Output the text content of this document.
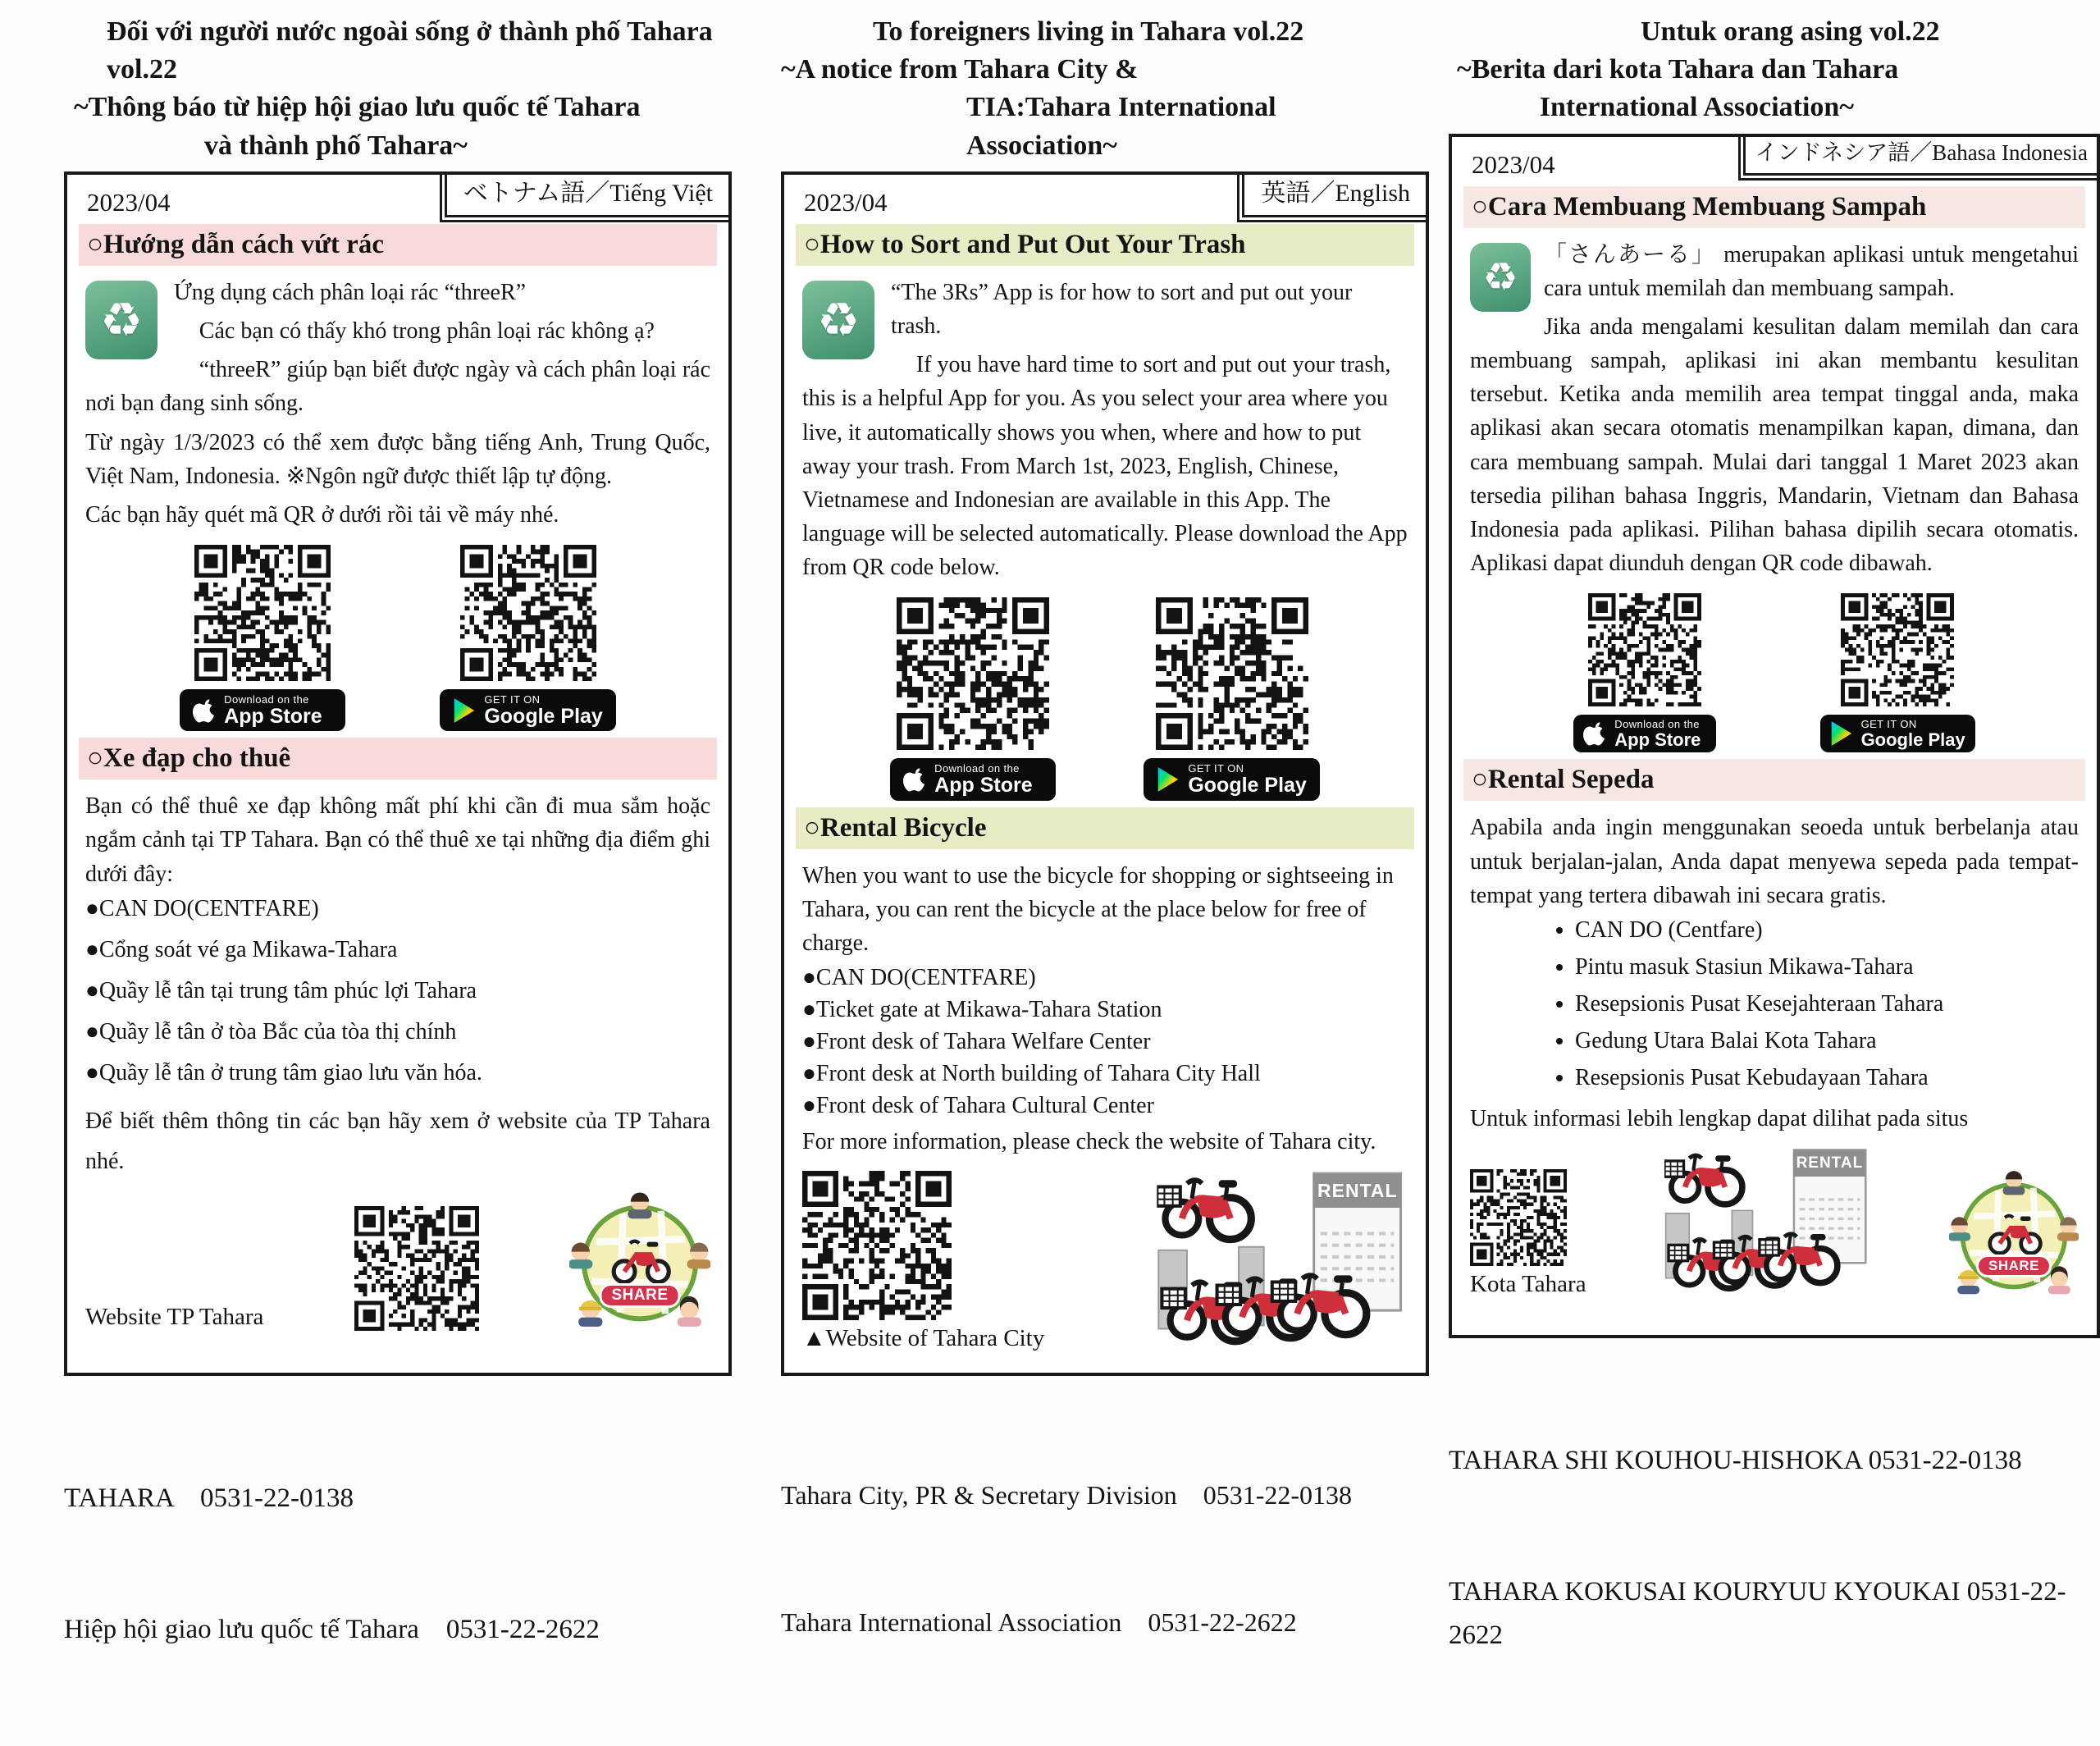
Đối với người nước ngoài sống ở thành phố Tahara vol.22
~Thông báo từ hiệp hội giao lưu quốc tế Tahara
và thành phố Tahara~
ベトナム語／Tiếng Việt
2023/04
○Hướng dẫn cách vứt rác
♻	Ứng dụng cách phân loại rác “threeR”

Các bạn có thấy khó trong phân loại rác không ạ?

“threeR” giúp bạn biết được ngày và cách phân loại rác nơi bạn đang sinh sống.

Từ ngày 1/3/2023 có thể xem được bằng tiếng Anh, Trung Quốc, Việt Nam, Indonesia. ※Ngôn ngữ được thiết lập tự động.

Các bạn hãy quét mã QR ở dưới rồi tải về máy nhé.

Download on the
App Store
GET IT ON
Google Play
○Xe đạp cho thuê

Bạn có thể thuê xe đạp không mất phí khi cần đi mua sắm hoặc ngắm cảnh tại TP Tahara. Bạn có thể thuê xe tại những địa điểm ghi dưới đây:

●CAN DO(CENTFARE)
●Cổng soát vé ga Mikawa-Tahara
●Quầy lễ tân tại trung tâm phúc lợi Tahara
●Quầy lễ tân ở tòa Bắc của tòa thị chính
●Quầy lễ tân ở trung tâm giao lưu văn hóa.

Để biết thêm thông tin các bạn hãy xem ở website của TP Tahara nhé.

Website TP Tahara
SHARE

TAHARA　0531-22-0138

Hiệp hội giao lưu quốc tế Tahara　0531-22-2622

To foreigners living in Tahara vol.22
~A notice from Tahara City &
TIA:Tahara International Association~
英語／English
2023/04
○How to Sort and Put Out Your Trash
♻	“The 3Rs” App is for how to sort and put out your trash.

If you have hard time to sort and put out your trash, this is a helpful App for you. As you select your area where you live, it automatically shows you when, where and how to put away your trash. From March 1st, 2023, English, Chinese, Vietnamese and Indonesian are available in this App. The language will be selected automatically. Please download the App from QR code below.

Download on the
App Store
GET IT ON
Google Play
○Rental Bicycle

When you want to use the bicycle for shopping or sightseeing in Tahara, you can rent the bicycle at the place below for free of charge.

●CAN DO(CENTFARE)
●Ticket gate at Mikawa-Tahara Station
●Front desk of Tahara Welfare Center
●Front desk at North building of Tahara City Hall
●Front desk of Tahara Cultural Center

For more information, please check the website of Tahara city.

▲Website of Tahara City
RENTAL

Tahara City, PR & Secretary Division　0531-22-0138

Tahara International Association　0531-22-2622

Untuk orang asing vol.22
~Berita dari kota Tahara dan Tahara
International Association~
インドネシア語／Bahasa Indonesia
2023/04
○Cara Membuang Membuang Sampah
♻	「さんあーる」 merupakan aplikasi untuk mengetahui cara untuk memilah dan membuang sampah.

Jika anda mengalami kesulitan dalam memilah dan cara membuang sampah, aplikasi ini akan membantu kesulitan tersebut. Ketika anda memilih area tempat tinggal anda, maka aplikasi akan secara otomatis menampilkan kapan, dimana, dan cara membuang sampah. Mulai dari tanggal 1 Maret 2023 akan tersedia pilihan bahasa Inggris, Mandarin, Vietnam dan Bahasa Indonesia pada aplikasi. Pilihan bahasa dipilih secara otomatis. Aplikasi dapat diunduh dengan QR code dibawah.

Download on the
App Store
GET IT ON
Google Play
○Rental Sepeda

Apabila anda ingin menggunakan seoeda untuk berbelanja atau untuk berjalan-jalan, Anda dapat menyewa sepeda pada tempat-tempat yang tertera dibawah ini secara gratis.

• CAN DO (Centfare)
• Pintu masuk Stasiun Mikawa-Tahara
• Resepsionis Pusat Kesejahteraan Tahara
• Gedung Utara Balai Kota Tahara
• Resepsionis Pusat Kebudayaan Tahara

Untuk informasi lebih lengkap dapat dilihat pada situs

Kota Tahara
RENTAL
SHARE

TAHARA SHI KOUHOU-HISHOKA 0531-22-0138

TAHARA KOKUSAI KOURYUU KYOUKAI 0531-22-2622
